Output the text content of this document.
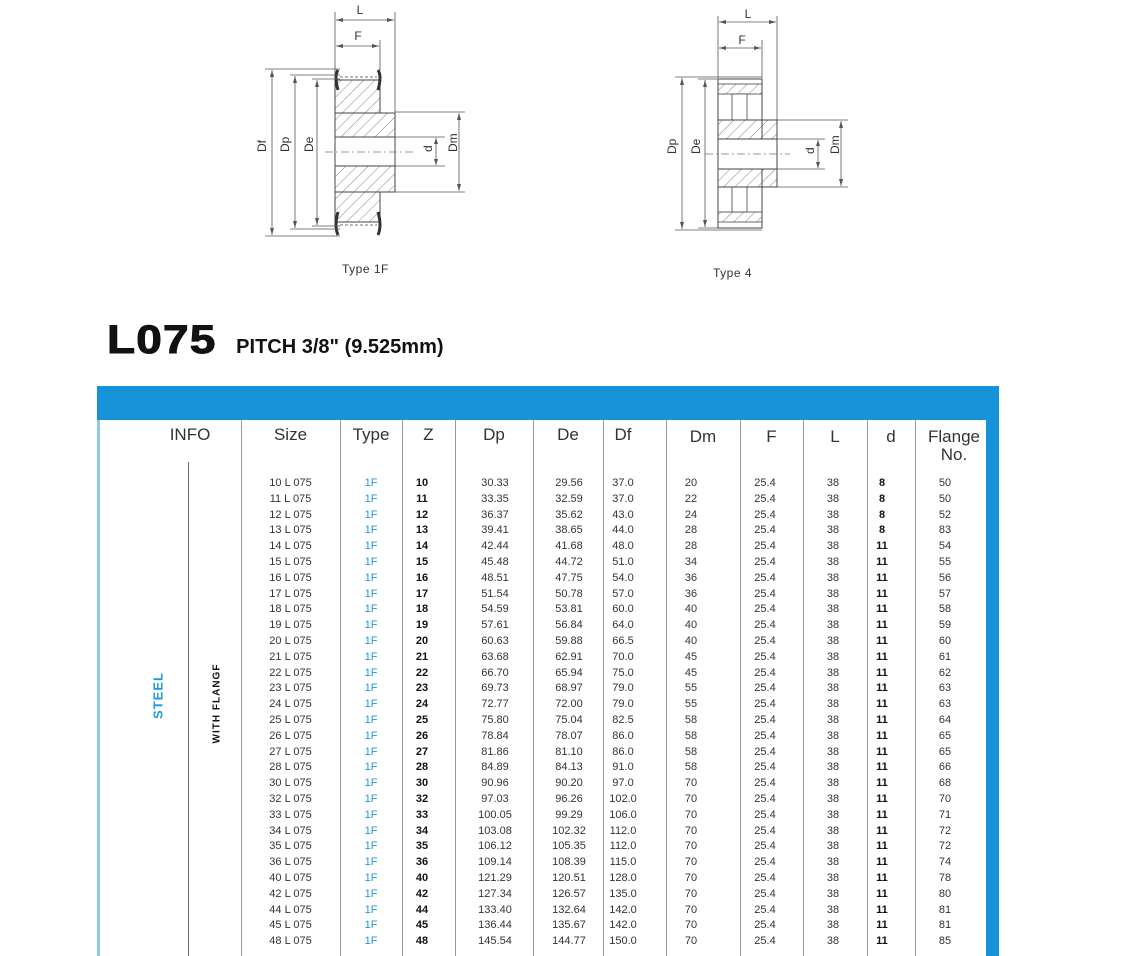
Df Dp De	d Dm
L
F
Type 1F
Dp De	d Dm
L
F
Type 4
L075 PITCH 3/8" (9.525mm)
INFO	Size	Type	Z	Dp	De	Df	Dm	F	L	d	Flange No.
STEEL	WITH FLANGF
10 L 075	1F	10	30.33	29.56	37.0	20	25.4	38	8	50
11 L 075	1F	11	33.35	32.59	37.0	22	25.4	38	8	50
12 L 075	1F	12	36.37	35.62	43.0	24	25.4	38	8	52
13 L 075	1F	13	39.41	38.65	44.0	28	25.4	38	8	83
14 L 075	1F	14	42.44	41.68	48.0	28	25.4	38	11	54
15 L 075	1F	15	45.48	44.72	51.0	34	25.4	38	11	55
16 L 075	1F	16	48.51	47.75	54.0	36	25.4	38	11	56
17 L 075	1F	17	51.54	50.78	57.0	36	25.4	38	11	57
18 L 075	1F	18	54.59	53.81	60.0	40	25.4	38	11	58
19 L 075	1F	19	57.61	56.84	64.0	40	25.4	38	11	59
20 L 075	1F	20	60.63	59.88	66.5	40	25.4	38	11	60
21 L 075	1F	21	63.68	62.91	70.0	45	25.4	38	11	61
22 L 075	1F	22	66.70	65.94	75.0	45	25.4	38	11	62
23 L 075	1F	23	69.73	68.97	79.0	55	25.4	38	11	63
24 L 075	1F	24	72.77	72.00	79.0	55	25.4	38	11	63
25 L 075	1F	25	75.80	75.04	82.5	58	25.4	38	11	64
26 L 075	1F	26	78.84	78.07	86.0	58	25.4	38	11	65
27 L 075	1F	27	81.86	81.10	86.0	58	25.4	38	11	65
28 L 075	1F	28	84.89	84.13	91.0	58	25.4	38	11	66
30 L 075	1F	30	90.96	90.20	97.0	70	25.4	38	11	68
32 L 075	1F	32	97.03	96.26	102.0	70	25.4	38	11	70
33 L 075	1F	33	100.05	99.29	106.0	70	25.4	38	11	71
34 L 075	1F	34	103.08	102.32	112.0	70	25.4	38	11	72
35 L 075	1F	35	106.12	105.35	112.0	70	25.4	38	11	72
36 L 075	1F	36	109.14	108.39	115.0	70	25.4	38	11	74
40 L 075	1F	40	121.29	120.51	128.0	70	25.4	38	11	78
42 L 075	1F	42	127.34	126.57	135.0	70	25.4	38	11	80
44 L 075	1F	44	133.40	132.64	142.0	70	25.4	38	11	81
45 L 075	1F	45	136.44	135.67	142.0	70	25.4	38	11	81
48 L 075	1F	48	145.54	144.77	150.0	70	25.4	38	11	85
